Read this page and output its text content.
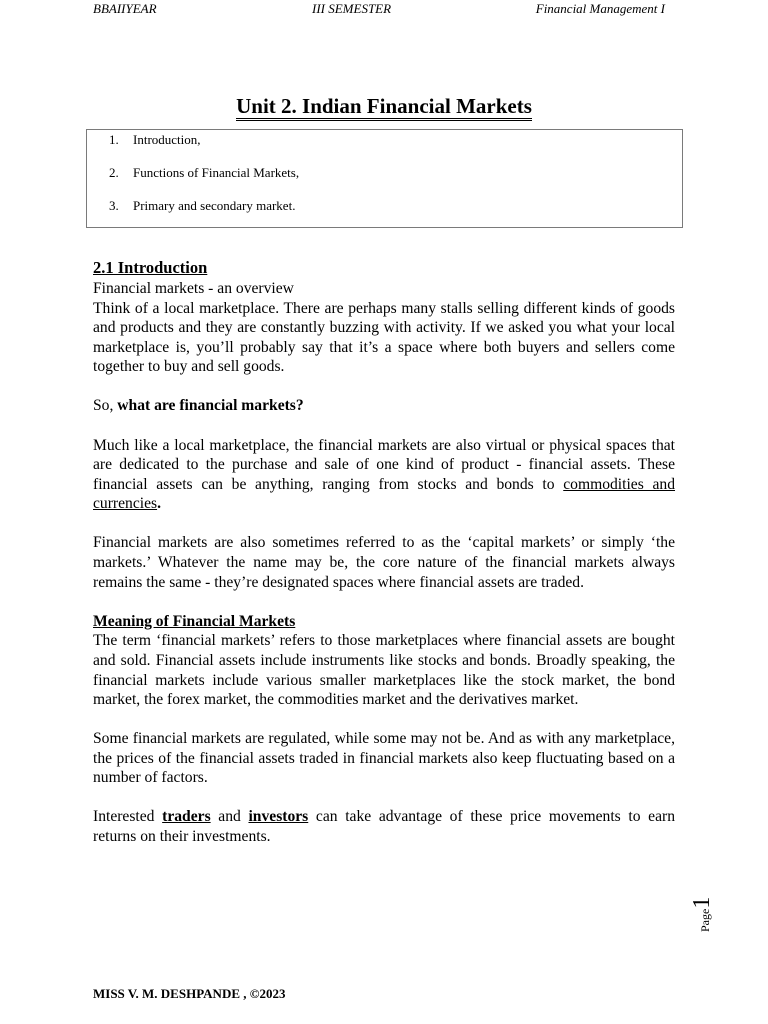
BBAIIYEAR	III SEMESTER	Financial Management I
Unit 2. Indian Financial Markets
1. Introduction,
2. Functions of Financial Markets,
3. Primary and secondary market.
2.1 Introduction

Financial markets - an overview

Think of a local marketplace. There are perhaps many stalls selling different kinds of goods and products and they are constantly buzzing with activity. If we asked you what your local marketplace is, you’ll probably say that it’s a space where both buyers and sellers come together to buy and sell goods.

So, what are financial markets?

Much like a local marketplace, the financial markets are also virtual or physical spaces that are dedicated to the purchase and sale of one kind of product - financial assets. These financial assets can be anything, ranging from stocks and bonds to commodities and currencies.

Financial markets are also sometimes referred to as the ‘capital markets’ or simply ‘the markets.’ Whatever the name may be, the core nature of the financial markets always remains the same - they’re designated spaces where financial assets are traded.

Meaning of Financial Markets

The term ‘financial markets’ refers to those marketplaces where financial assets are bought and sold. Financial assets include instruments like stocks and bonds. Broadly speaking, the financial markets include various smaller marketplaces like the stock market, the bond market, the forex market, the commodities market and the derivatives market.

Some financial markets are regulated, while some may not be. And as with any marketplace, the prices of the financial assets traded in financial markets also keep fluctuating based on a number of factors.

Interested traders and investors can take advantage of these price movements to earn returns on their investments.

Page1
MISS V. M. DESHPANDE , ©2023
